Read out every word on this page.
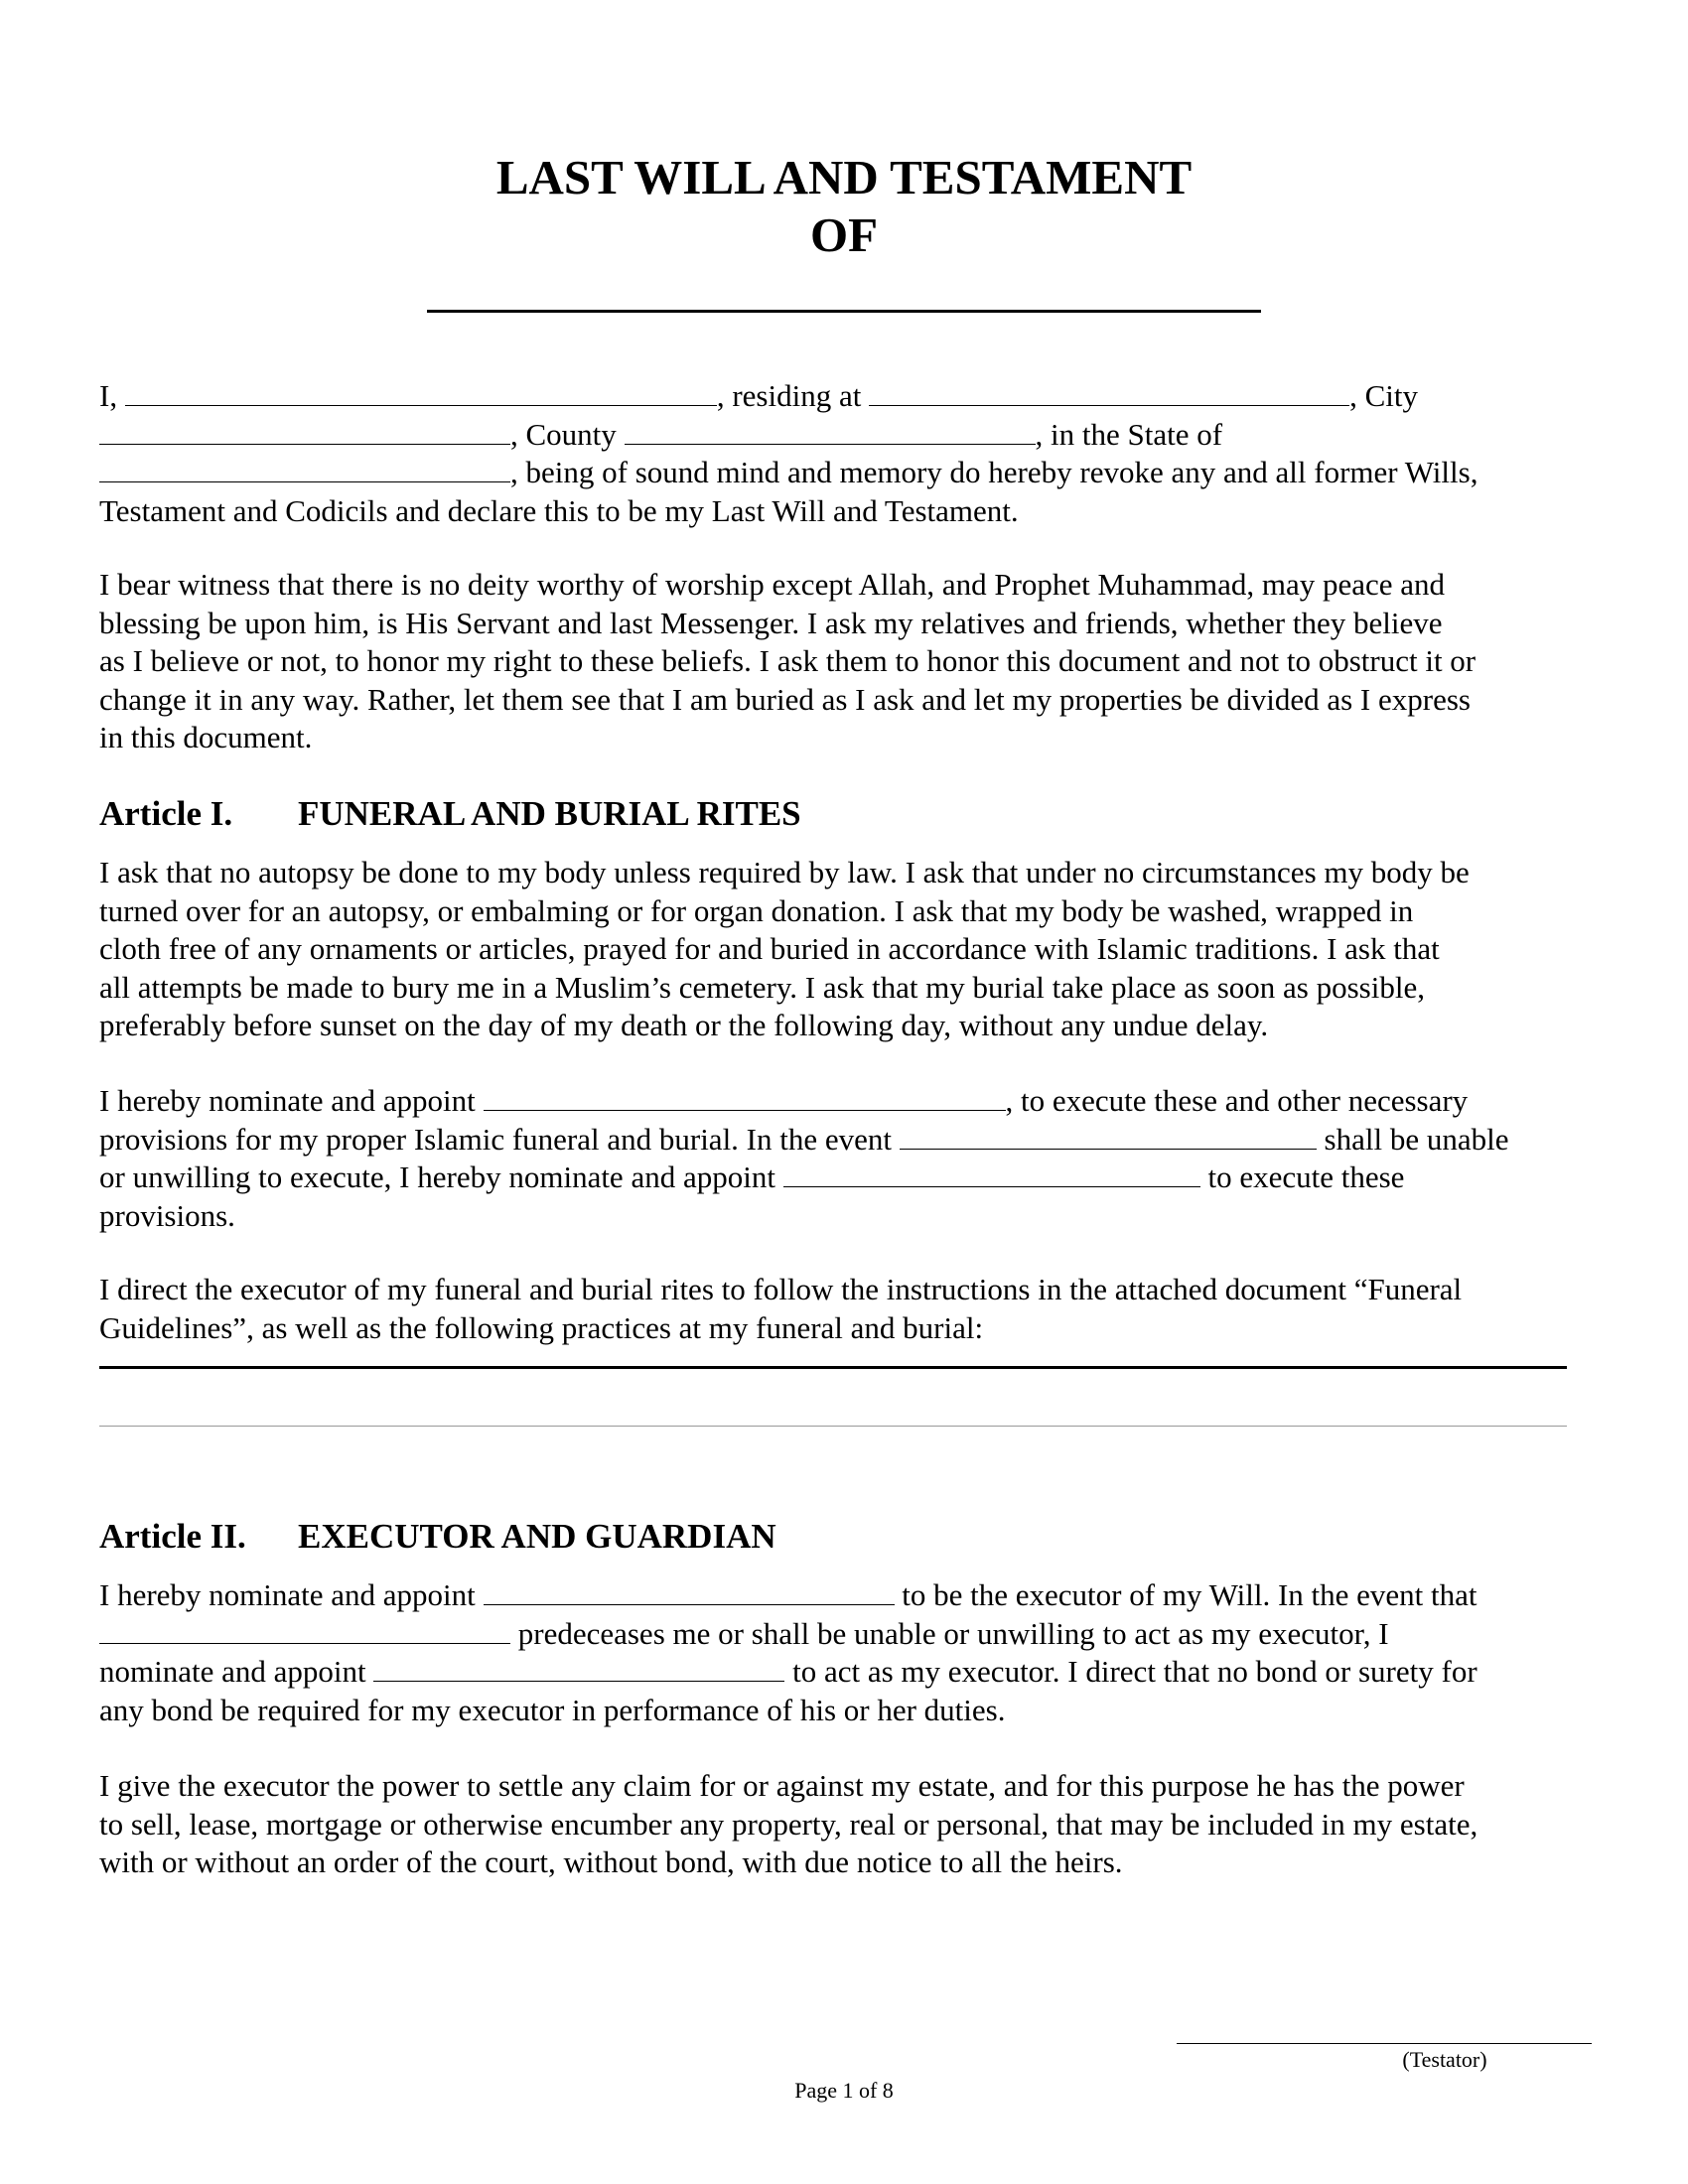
LAST WILL AND TESTAMENT
OF
I,	, residing at	, City
, County	, in the State of
, being of sound mind and memory do hereby revoke any and all former Wills,
Testament and Codicils and declare this to be my Last Will and Testament.
I bear witness that there is no deity worthy of worship except Allah, and Prophet Muhammad, may peace and
blessing be upon him, is His Servant and last Messenger. I ask my relatives and friends, whether they believe
as I believe or not, to honor my right to these beliefs. I ask them to honor this document and not to obstruct it or
change it in any way. Rather, let them see that I am buried as I ask and let my properties be divided as I express
in this document.
Article I. FUNERAL AND BURIAL RITES
I ask that no autopsy be done to my body unless required by law. I ask that under no circumstances my body be
turned over for an autopsy, or embalming or for organ donation. I ask that my body be washed, wrapped in
cloth free of any ornaments or articles, prayed for and buried in accordance with Islamic traditions. I ask that
all attempts be made to bury me in a Muslim’s cemetery. I ask that my burial take place as soon as possible,
preferably before sunset on the day of my death or the following day, without any undue delay.
I hereby nominate and appoint	, to execute these and other necessary
provisions for my proper Islamic funeral and burial. In the event	shall be unable
or unwilling to execute, I hereby nominate and appoint	to execute these
provisions.
I direct the executor of my funeral and burial rites to follow the instructions in the attached document “Funeral
Guidelines”, as well as the following practices at my funeral and burial:
Article II. EXECUTOR AND GUARDIAN
I hereby nominate and appoint	to be the executor of my Will. In the event that
predeceases me or shall be unable or unwilling to act as my executor, I
nominate and appoint	to act as my executor. I direct that no bond or surety for
any bond be required for my executor in performance of his or her duties.
I give the executor the power to settle any claim for or against my estate, and for this purpose he has the power
to sell, lease, mortgage or otherwise encumber any property, real or personal, that may be included in my estate,
with or without an order of the court, without bond, with due notice to all the heirs.
(Testator)
Page 1 of 8
